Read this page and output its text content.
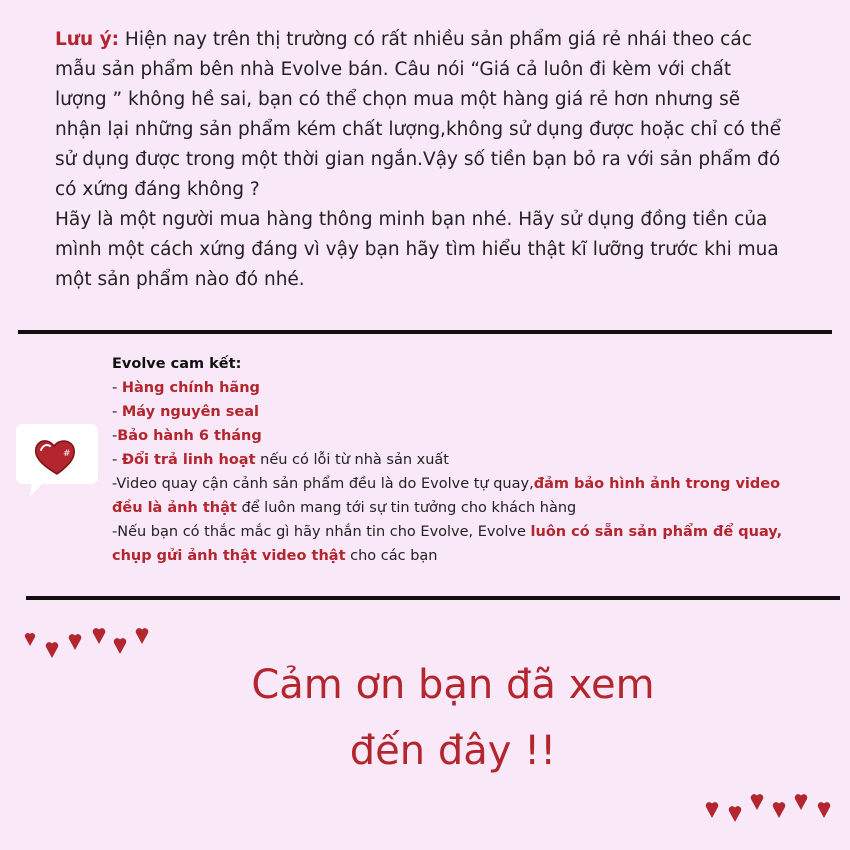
Lưu ý: Hiện nay trên thị trường có rất nhiều sản phẩm giá rẻ nhái theo các
mẫu sản phẩm bên nhà Evolve bán. Câu nói “Giá cả luôn đi kèm với chất
lượng ” không hề sai, bạn có thể chọn mua một hàng giá rẻ hơn nhưng sẽ
nhận lại những sản phẩm kém chất lượng,không sử dụng được hoặc chỉ có thể
sử dụng được trong một thời gian ngắn.Vậy số tiền bạn bỏ ra với sản phẩm đó
có xứng đáng không ?

Hãy là một người mua hàng thông minh bạn nhé. Hãy sử dụng đồng tiền của
mình một cách xứng đáng vì vậy bạn hãy tìm hiểu thật kĩ lưỡng trước khi mua
một sản phẩm nào đó nhé.

#
Evolve cam kết:
- Hàng chính hãng
- Máy nguyên seal
-Bảo hành 6 tháng
- Đổi trả linh hoạt nếu có lỗi từ nhà sản xuất
-Video quay cận cảnh sản phẩm đều là do Evolve tự quay,đảm bảo hình ảnh trong video
đều là ảnh thật để luôn mang tới sự tin tưởng cho khách hàng
-Nếu bạn có thắc mắc gì hãy nhắn tin cho Evolve, Evolve luôn có sẵn sản phẩm để quay,
chụp gửi ảnh thật video thật cho các bạn
Cảm ơn bạn đã xem
đến đây !!
